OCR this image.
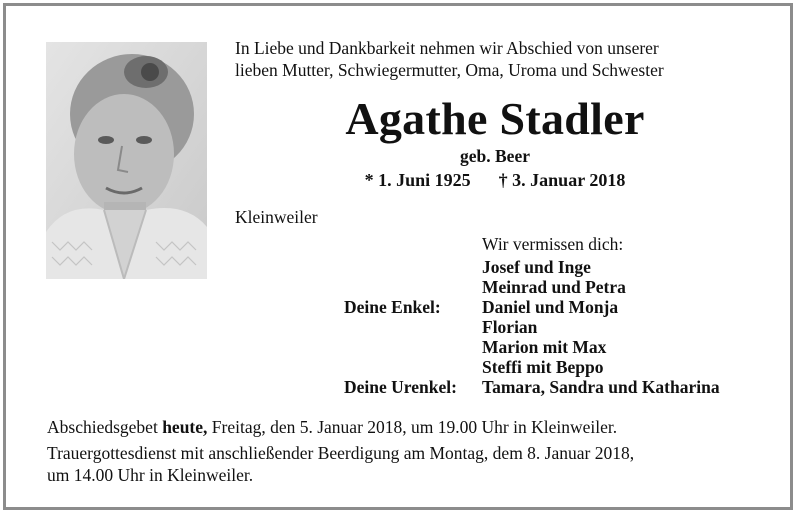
In Liebe und Dankbarkeit nehmen wir Abschied von unserer
lieben Mutter, Schwiegermutter, Oma, Uroma und Schwester
Agathe Stadler
geb. Beer
* 1. Juni 1925 † 3. Januar 2018
Kleinweiler
Wir vermissen dich:
Josef und Inge
Meinrad und Petra
Deine Enkel:	Daniel und Monja
Florian
Marion mit Max
Steffi mit Beppo
Deine Urenkel:	Tamara, Sandra und Katharina

Abschiedsgebet heute, Freitag, den 5. Januar 2018, um 19.00 Uhr in Kleinweiler.

Trauergottesdienst mit anschließender Beerdigung am Montag, dem 8. Januar 2018,
um 14.00 Uhr in Kleinweiler.
